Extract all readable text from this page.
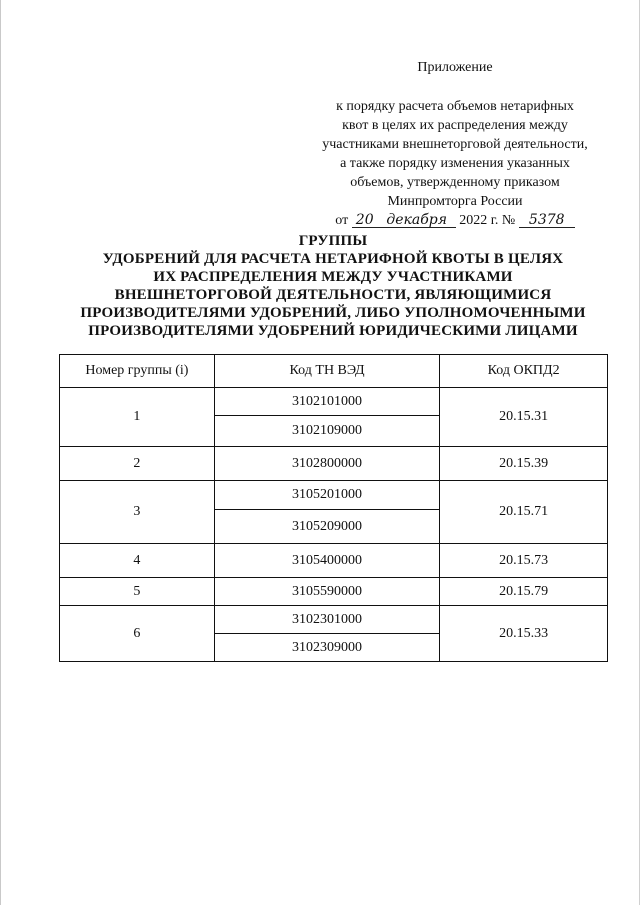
Приложение
к порядку расчета объемов нетарифных
квот в целях их распределения между
участниками внешнеторговой деятельности,
а также порядку изменения указанных
объемов, утвержденному приказом
Минпромторга России
от 20 декабря 2022 г. № 5378
ГРУППЫ
УДОБРЕНИЙ ДЛЯ РАСЧЕТА НЕТАРИФНОЙ КВОТЫ В ЦЕЛЯХ
ИХ РАСПРЕДЕЛЕНИЯ МЕЖДУ УЧАСТНИКАМИ
ВНЕШНЕТОРГОВОЙ ДЕЯТЕЛЬНОСТИ, ЯВЛЯЮЩИМИСЯ
ПРОИЗВОДИТЕЛЯМИ УДОБРЕНИЙ, ЛИБО УПОЛНОМОЧЕННЫМИ
ПРОИЗВОДИТЕЛЯМИ УДОБРЕНИЙ ЮРИДИЧЕСКИМИ ЛИЦАМИ
Номер группы (i)	Код ТН ВЭД	Код ОКПД2
1	3102101000	20.15.31
	3102109000	
2	3102800000	20.15.39
3	3105201000	20.15.71
	3105209000	
4	3105400000	20.15.73
5	3105590000	20.15.79
6	3102301000	20.15.33
	3102309000	
